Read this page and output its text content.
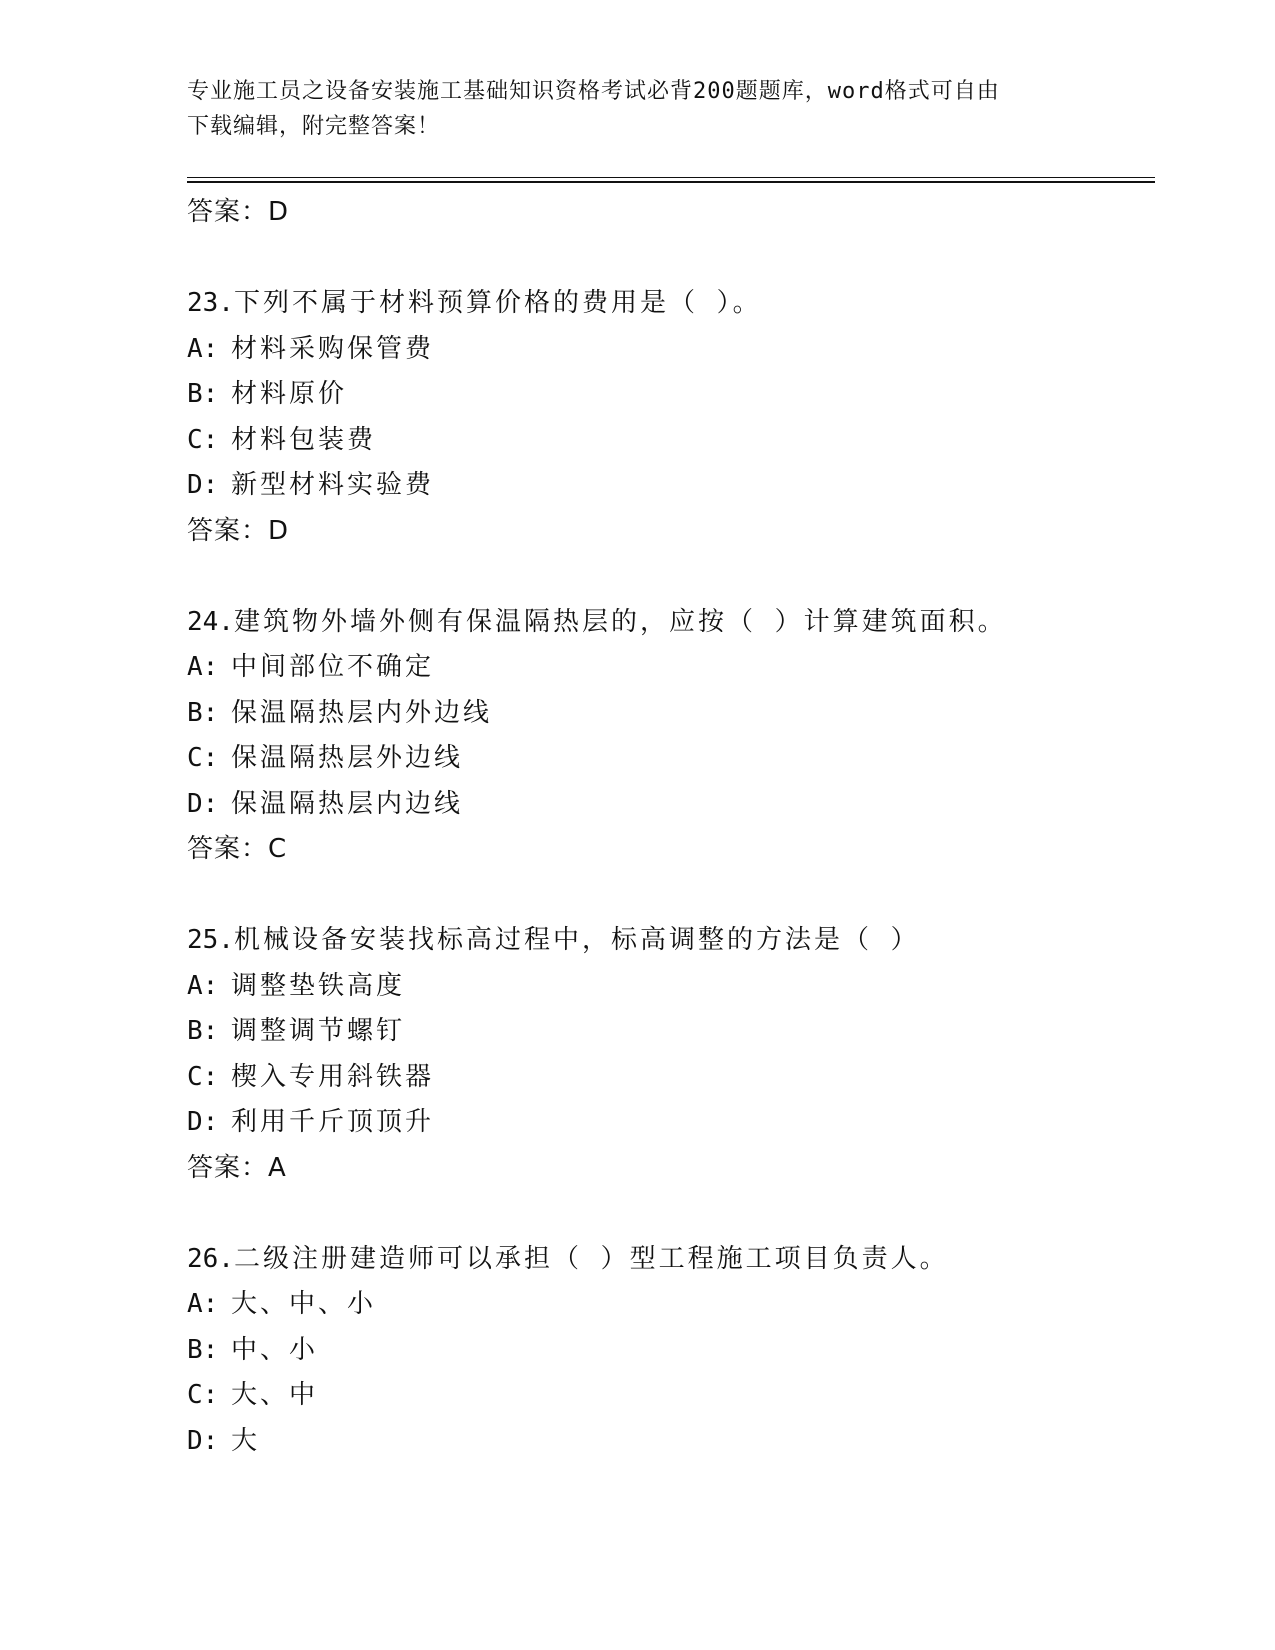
专业施工员之设备安装施工基础知识资格考试必背200题题库，word格式可自由
下载编辑，附完整答案！
答案：D
23.下列不属于材料预算价格的费用是（ ）。
A: 材料采购保管费
B: 材料原价
C: 材料包装费
D: 新型材料实验费
答案：D
24.建筑物外墙外侧有保温隔热层的，应按（ ）计算建筑面积。
A: 中间部位不确定
B: 保温隔热层内外边线
C: 保温隔热层外边线
D: 保温隔热层内边线
答案：C
25.机械设备安装找标高过程中，标高调整的方法是（ ）
A: 调整垫铁高度
B: 调整调节螺钉
C: 楔入专用斜铁器
D: 利用千斤顶顶升
答案：A
26.二级注册建造师可以承担（ ）型工程施工项目负责人。
A: 大、中、小
B: 中、小
C: 大、中
D: 大
